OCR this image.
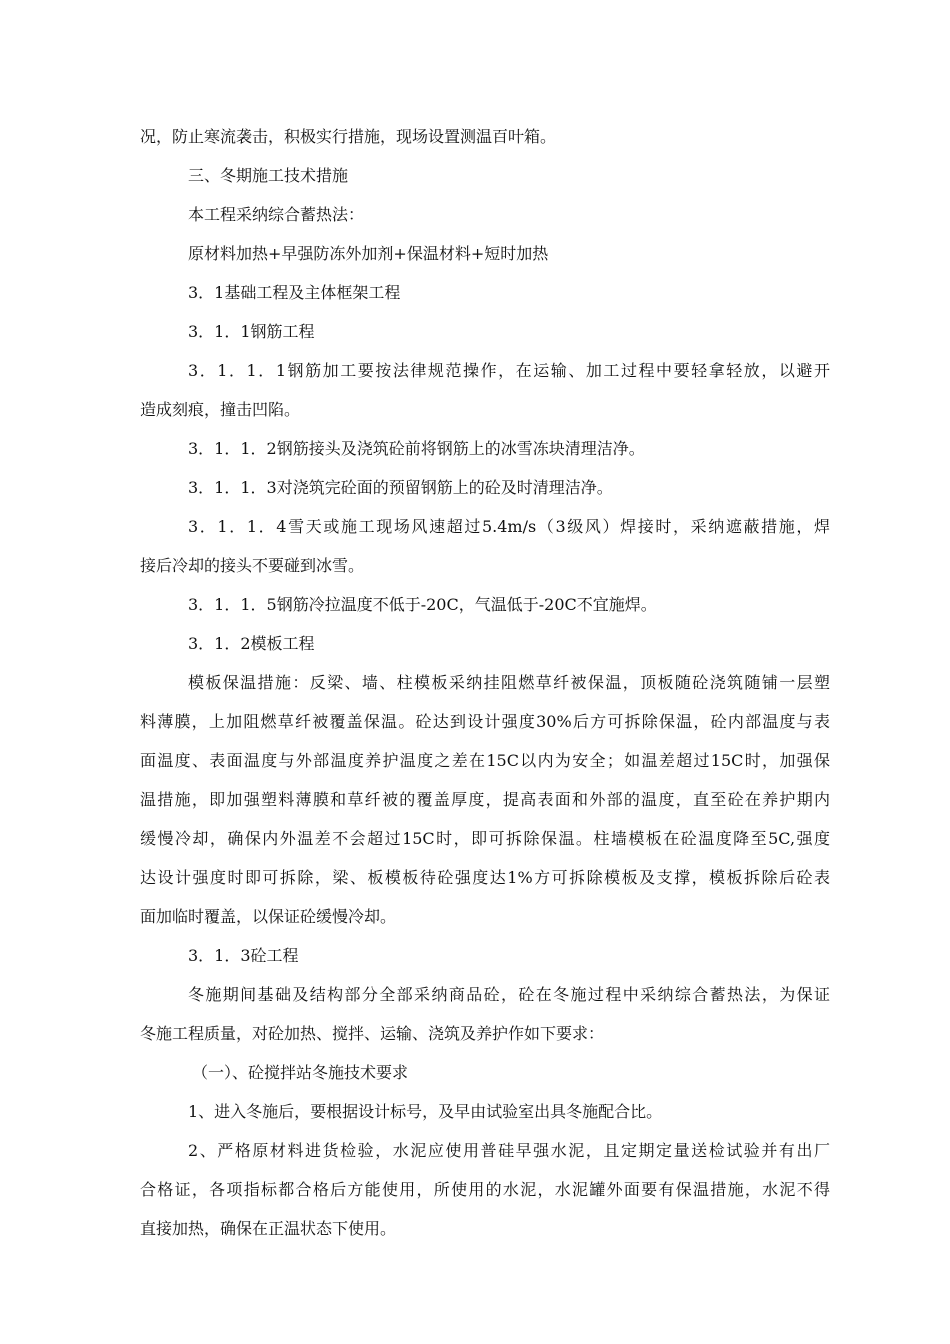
况，防止寒流袭击，积极实行措施，现场设置测温百叶箱。
三、冬期施工技术措施
本工程采纳综合蓄热法：
原材料加热+早强防冻外加剂+保温材料+短时加热
3．1基础工程及主体框架工程
3．1．1钢筋工程
3．1．1．1钢筋加工要按法律规范操作，在运输、加工过程中要轻拿轻放，以避开
造成刻痕，撞击凹陷。
3．1．1．2钢筋接头及浇筑砼前将钢筋上的冰雪冻块清理洁净。
3．1．1．3对浇筑完砼面的预留钢筋上的砼及时清理洁净。
3．1．1．4雪天或施工现场风速超过5.4m/s（3级风）焊接时，采纳遮蔽措施，焊
接后冷却的接头不要碰到冰雪。
3．1．1．5钢筋冷拉温度不低于-20C，气温低于-20C不宜施焊。
3．1．2模板工程
模板保温措施：反梁、墙、柱模板采纳挂阻燃草纤被保温，顶板随砼浇筑随铺一层塑
料薄膜，上加阻燃草纤被覆盖保温。砼达到设计强度30%后方可拆除保温，砼内部温度与表
面温度、表面温度与外部温度养护温度之差在15C以内为安全；如温差超过15C时，加强保
温措施，即加强塑料薄膜和草纤被的覆盖厚度，提高表面和外部的温度，直至砼在养护期内
缓慢冷却，确保内外温差不会超过15C时，即可拆除保温。柱墙模板在砼温度降至5C,强度
达设计强度时即可拆除，梁、板模板待砼强度达1%方可拆除模板及支撑，模板拆除后砼表
面加临时覆盖，以保证砼缓慢冷却。
3．1．3砼工程
冬施期间基础及结构部分全部采纳商品砼，砼在冬施过程中采纳综合蓄热法，为保证
冬施工程质量，对砼加热、搅拌、运输、浇筑及养护作如下要求：
（一）、砼搅拌站冬施技术要求
1、进入冬施后，要根据设计标号，及早由试验室出具冬施配合比。
2、严格原材料进货检验，水泥应使用普硅早强水泥，且定期定量送检试验并有出厂
合格证，各项指标都合格后方能使用，所使用的水泥，水泥罐外面要有保温措施，水泥不得
直接加热，确保在正温状态下使用。
